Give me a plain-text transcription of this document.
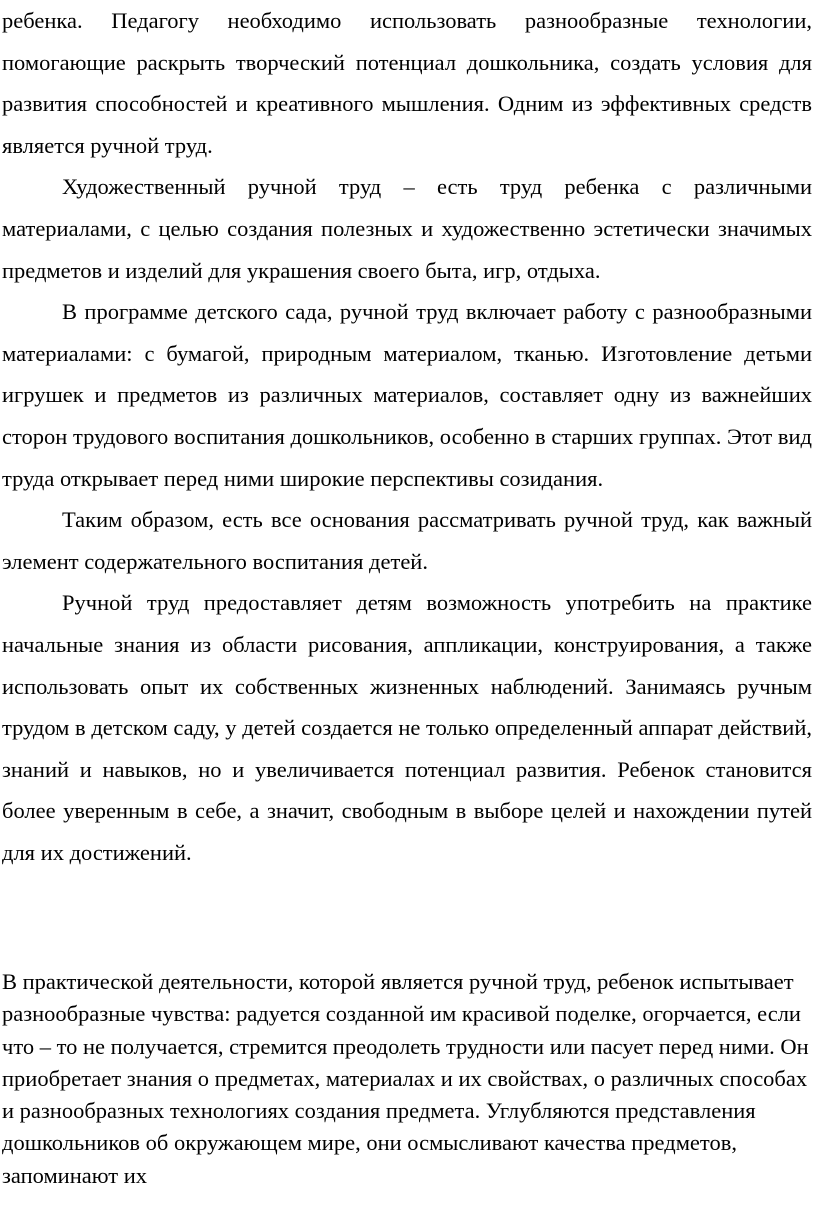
ребенка. Педагогу необходимо использовать разнообразные технологии, помогающие раскрыть творческий потенциал дошкольника, создать условия для развития способностей и креативного мышления. Одним из эффективных средств является ручной труд.

Художественный ручной труд – есть труд ребенка с различными материалами, с целью создания полезных и художественно эстетически значимых предметов и изделий для украшения своего быта, игр, отдыха.

В программе детского сада, ручной труд включает работу с разнообразными материалами: с бумагой, природным материалом, тканью. Изготовление детьми игрушек и предметов из различных материалов, составляет одну из важнейших сторон трудового воспитания дошкольников, особенно в старших группах. Этот вид труда открывает перед ними широкие перспективы созидания.

Таким образом, есть все основания рассматривать ручной труд, как важный элемент содержательного воспитания детей.

Ручной труд предоставляет детям возможность употребить на практике начальные знания из области рисования, аппликации, конструирования, а также использовать опыт их собственных жизненных наблюдений. Занимаясь ручным трудом в детском саду, у детей создается не только определенный аппарат действий, знаний и навыков, но и увеличивается потенциал развития. Ребенок становится более уверенным в себе, а значит, свободным в выборе целей и нахождении путей для их достижений.

В практической деятельности, которой является ручной труд, ребенок испытывает разнообразные чувства: радуется созданной им красивой поделке, огорчается, если что – то не получается, стремится преодолеть трудности или пасует перед ними. Он приобретает знания о предметах, материалах и их свойствах, о различных способах и разнообразных технологиях создания предмета. Углубляются представления дошкольников об окружающем мире, они осмысливают качества предметов, запоминают их
